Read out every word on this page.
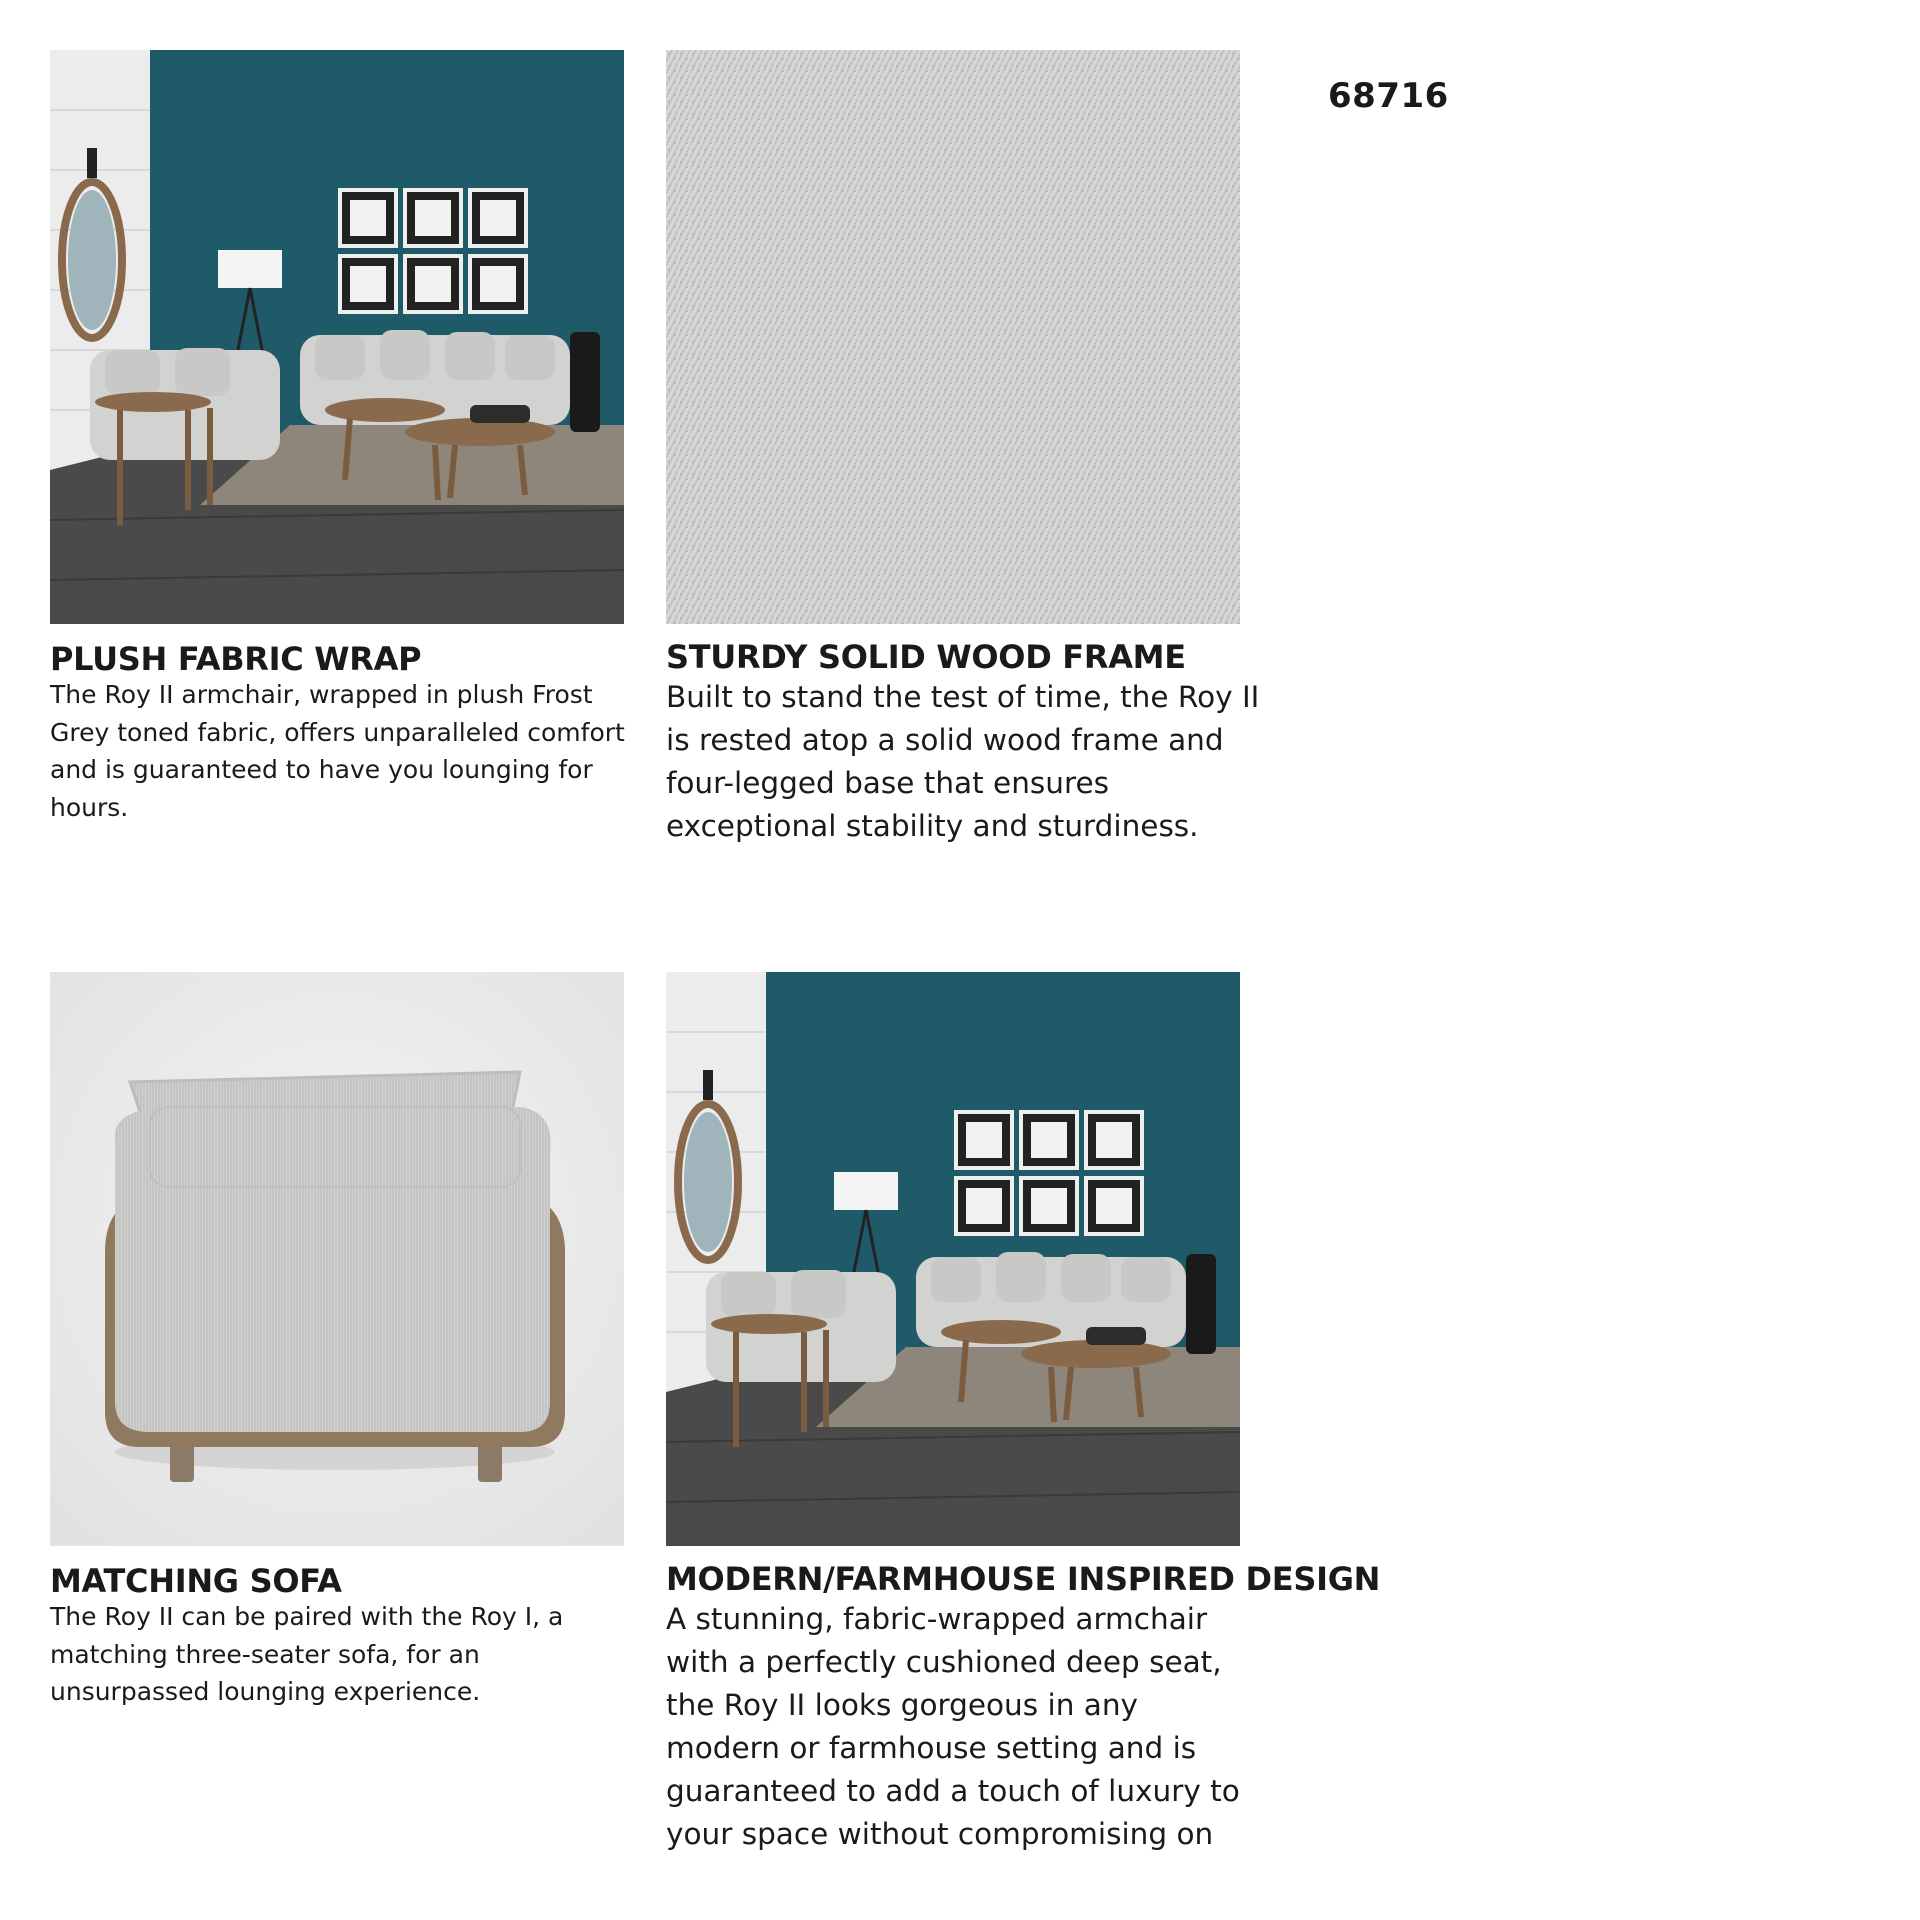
68716
PLUSH FABRIC WRAP
The Roy II armchair, wrapped in plush Frost
Grey toned fabric, offers unparalleled comfort
and is guaranteed to have you lounging for
hours.
STURDY SOLID WOOD FRAME
Built to stand the test of time, the Roy II
is rested atop a solid wood frame and
four-legged base that ensures
exceptional stability and sturdiness.
MATCHING SOFA
The Roy II can be paired with the Roy I, a
matching three-seater sofa, for an
unsurpassed lounging experience.
MODERN/FARMHOUSE INSPIRED DESIGN
A stunning, fabric-wrapped armchair
with a perfectly cushioned deep seat,
the Roy II looks gorgeous in any
modern or farmhouse setting and is
guaranteed to add a touch of luxury to
your space without compromising on
